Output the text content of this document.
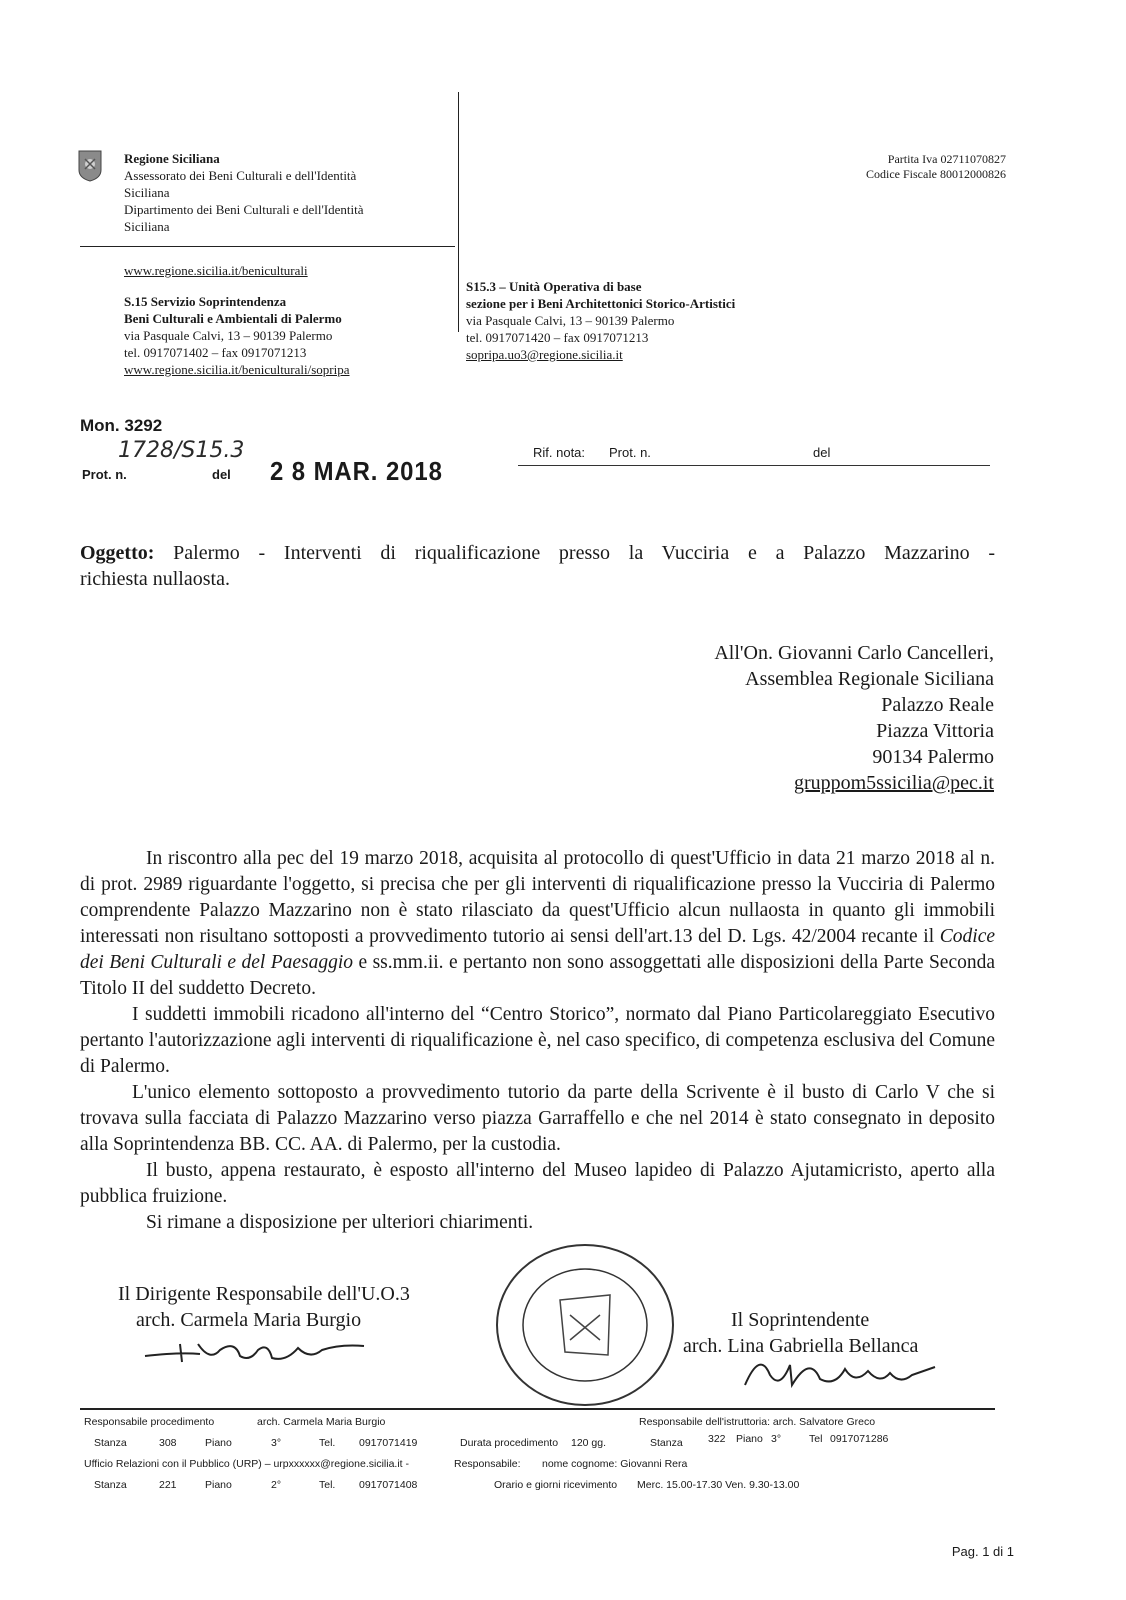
Regione Siciliana
Assessorato dei Beni Culturali e dell'Identità
Siciliana
Dipartimento dei Beni Culturali e dell'Identità
Siciliana
www.regione.sicilia.it/beniculturali
S.15 Servizio Soprintendenza
Beni Culturali e Ambientali di Palermo
via Pasquale Calvi, 13 – 90139 Palermo
tel. 0917071402 – fax 0917071213
www.regione.sicilia.it/beniculturali/sopripa
Partita Iva 02711070827
Codice Fiscale 80012000826
S15.3 – Unità Operativa di base
sezione per i Beni Architettonici Storico-Artistici
via Pasquale Calvi, 13 – 90139 Palermo
tel. 0917071420 – fax 0917071213
sopripa.uo3@regione.sicilia.it
Mon. 3292
Prot. n.
1728/S15.3
del 2 8 MAR. 2018
Rif. nota: Prot. n.	del
Oggetto: Palermo - Interventi di riqualificazione presso la Vucciria e a Palazzo Mazzarino -
richiesta nullaosta.
All'On. Giovanni Carlo Cancelleri,
Assemblea Regionale Siciliana
Palazzo Reale
Piazza Vittoria
90134 Palermo
gruppom5ssicilia@pec.it

In riscontro alla pec del 19 marzo 2018, acquisita al protocollo di quest'Ufficio in data 21 marzo 2018 al n. di prot. 2989 riguardante l'oggetto, si precisa che per gli interventi di riqualificazione presso la Vucciria di Palermo comprendente Palazzo Mazzarino non è stato rilasciato da quest'Ufficio alcun nullaosta in quanto gli immobili interessati non risultano sottoposti a provvedimento tutorio ai sensi dell'art.13 del D. Lgs. 42/2004 recante il Codice dei Beni Culturali e del Paesaggio e ss.mm.ii. e pertanto non sono assoggettati alle disposizioni della Parte Seconda Titolo II del suddetto Decreto.

I suddetti immobili ricadono all'interno del “Centro Storico”, normato dal Piano Particolareggiato Esecutivo pertanto l'autorizzazione agli interventi di riqualificazione è, nel caso specifico, di competenza esclusiva del Comune di Palermo.

L'unico elemento sottoposto a provvedimento tutorio da parte della Scrivente è il busto di Carlo V che si trovava sulla facciata di Palazzo Mazzarino verso piazza Garraffello e che nel 2014 è stato consegnato in deposito alla Soprintendenza BB. CC. AA. di Palermo, per la custodia.

Il busto, appena restaurato, è esposto all'interno del Museo lapideo di Palazzo Ajutamicristo, aperto alla pubblica fruizione.

Si rimane a disposizione per ulteriori chiarimenti.

Il Dirigente Responsabile dell'U.O.3
arch. Carmela Maria Burgio	Il Soprintendente
arch. Lina Gabriella Bellanca
Responsabile procedimento	arch. Carmela Maria Burgio	Responsabile dell'istruttoria: arch. Salvatore Greco
Stanza	308	Piano	3°	Tel. 0917071419	Durata procedimento 120 gg.	Stanza 322 Piano 3°	Tel 0917071286
Ufficio Relazioni con il Pubblico (URP) – urpxxxxxx@regione.sicilia.it -	Responsabile: nome cognome: Giovanni Rera
Stanza	221	Piano	2°	Tel. 0917071408	Orario e giorni ricevimento Merc. 15.00-17.30 Ven. 9.30-13.00
Pag. 1 di 1
